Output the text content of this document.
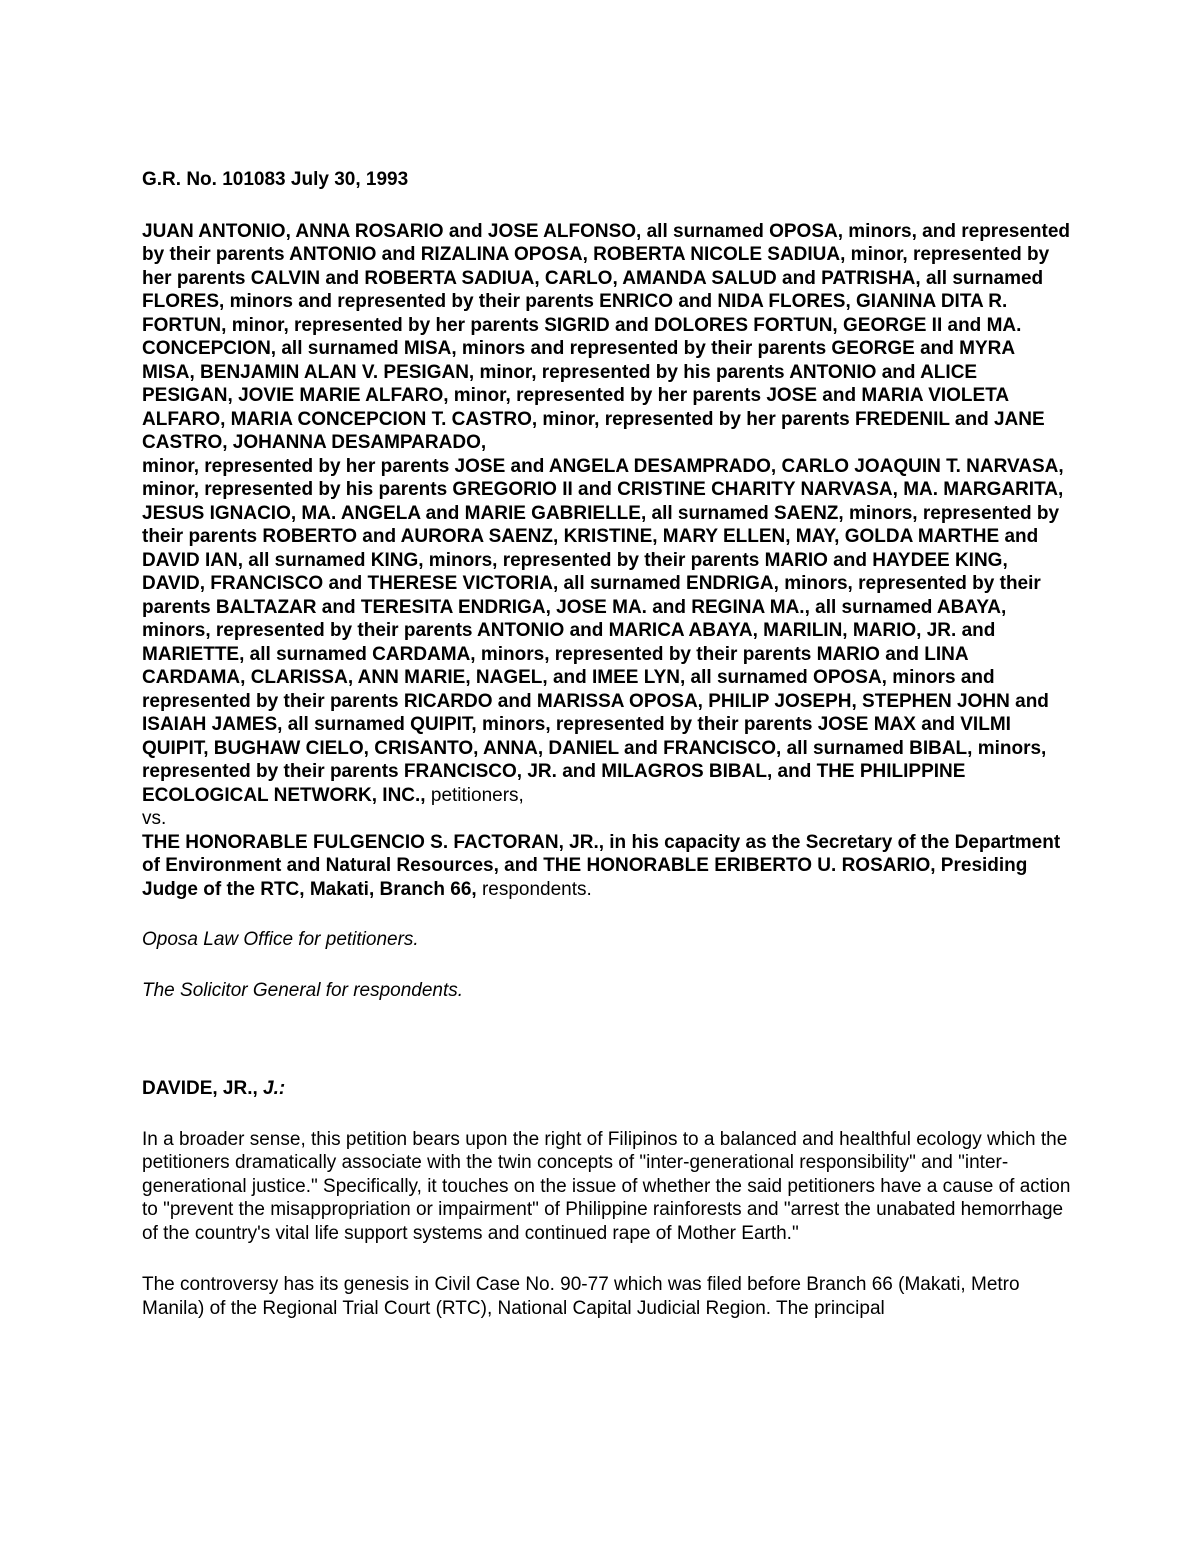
G.R. No. 101083 July 30, 1993

JUAN ANTONIO, ANNA ROSARIO and JOSE ALFONSO, all surnamed OPOSA, minors, and represented by their parents ANTONIO and RIZALINA OPOSA, ROBERTA NICOLE SADIUA, minor, represented by her parents CALVIN and ROBERTA SADIUA, CARLO, AMANDA SALUD and PATRISHA, all surnamed FLORES, minors and represented by their parents ENRICO and NIDA FLORES, GIANINA DITA R. FORTUN, minor, represented by her parents SIGRID and DOLORES FORTUN, GEORGE II and MA. CONCEPCION, all surnamed MISA, minors and represented by their parents GEORGE and MYRA MISA, BENJAMIN ALAN V. PESIGAN, minor, represented by his parents ANTONIO and ALICE PESIGAN, JOVIE MARIE ALFARO, minor, represented by her parents JOSE and MARIA VIOLETA ALFARO, MARIA CONCEPCION T. CASTRO, minor, represented by her parents FREDENIL and JANE CASTRO, JOHANNA DESAMPARADO,
minor, represented by her parents JOSE and ANGELA DESAMPRADO, CARLO JOAQUIN T. NARVASA, minor, represented by his parents GREGORIO II and CRISTINE CHARITY NARVASA, MA. MARGARITA, JESUS IGNACIO, MA. ANGELA and MARIE GABRIELLE, all surnamed SAENZ, minors, represented by their parents ROBERTO and AURORA SAENZ, KRISTINE, MARY ELLEN, MAY, GOLDA MARTHE and DAVID IAN, all surnamed KING, minors, represented by their parents MARIO and HAYDEE KING, DAVID, FRANCISCO and THERESE VICTORIA, all surnamed ENDRIGA, minors, represented by their parents BALTAZAR and TERESITA ENDRIGA, JOSE MA. and REGINA MA., all surnamed ABAYA, minors, represented by their parents ANTONIO and MARICA ABAYA, MARILIN, MARIO, JR. and MARIETTE, all surnamed CARDAMA, minors, represented by their parents MARIO and LINA CARDAMA, CLARISSA, ANN MARIE, NAGEL, and IMEE LYN, all surnamed OPOSA, minors and represented by their parents RICARDO and MARISSA OPOSA, PHILIP JOSEPH, STEPHEN JOHN and ISAIAH JAMES, all surnamed QUIPIT, minors, represented by their parents JOSE MAX and VILMI QUIPIT, BUGHAW CIELO, CRISANTO, ANNA, DANIEL and FRANCISCO, all surnamed BIBAL, minors, represented by their parents FRANCISCO, JR. and MILAGROS BIBAL, and THE PHILIPPINE ECOLOGICAL NETWORK, INC., petitioners,
vs.
THE HONORABLE FULGENCIO S. FACTORAN, JR., in his capacity as the Secretary of the Department of Environment and Natural Resources, and THE HONORABLE ERIBERTO U. ROSARIO, Presiding Judge of the RTC, Makati, Branch 66, respondents.

Oposa Law Office for petitioners.

The Solicitor General for respondents.

DAVIDE, JR., J.:

In a broader sense, this petition bears upon the right of Filipinos to a balanced and healthful ecology which the petitioners dramatically associate with the twin concepts of "inter-generational responsibility" and "inter-generational justice." Specifically, it touches on the issue of whether the said petitioners have a cause of action to "prevent the misappropriation or impairment" of Philippine rainforests and "arrest the unabated hemorrhage of the country's vital life support systems and continued rape of Mother Earth."

The controversy has its genesis in Civil Case No. 90-77 which was filed before Branch 66 (Makati, Metro Manila) of the Regional Trial Court (RTC), National Capital Judicial Region. The principal
